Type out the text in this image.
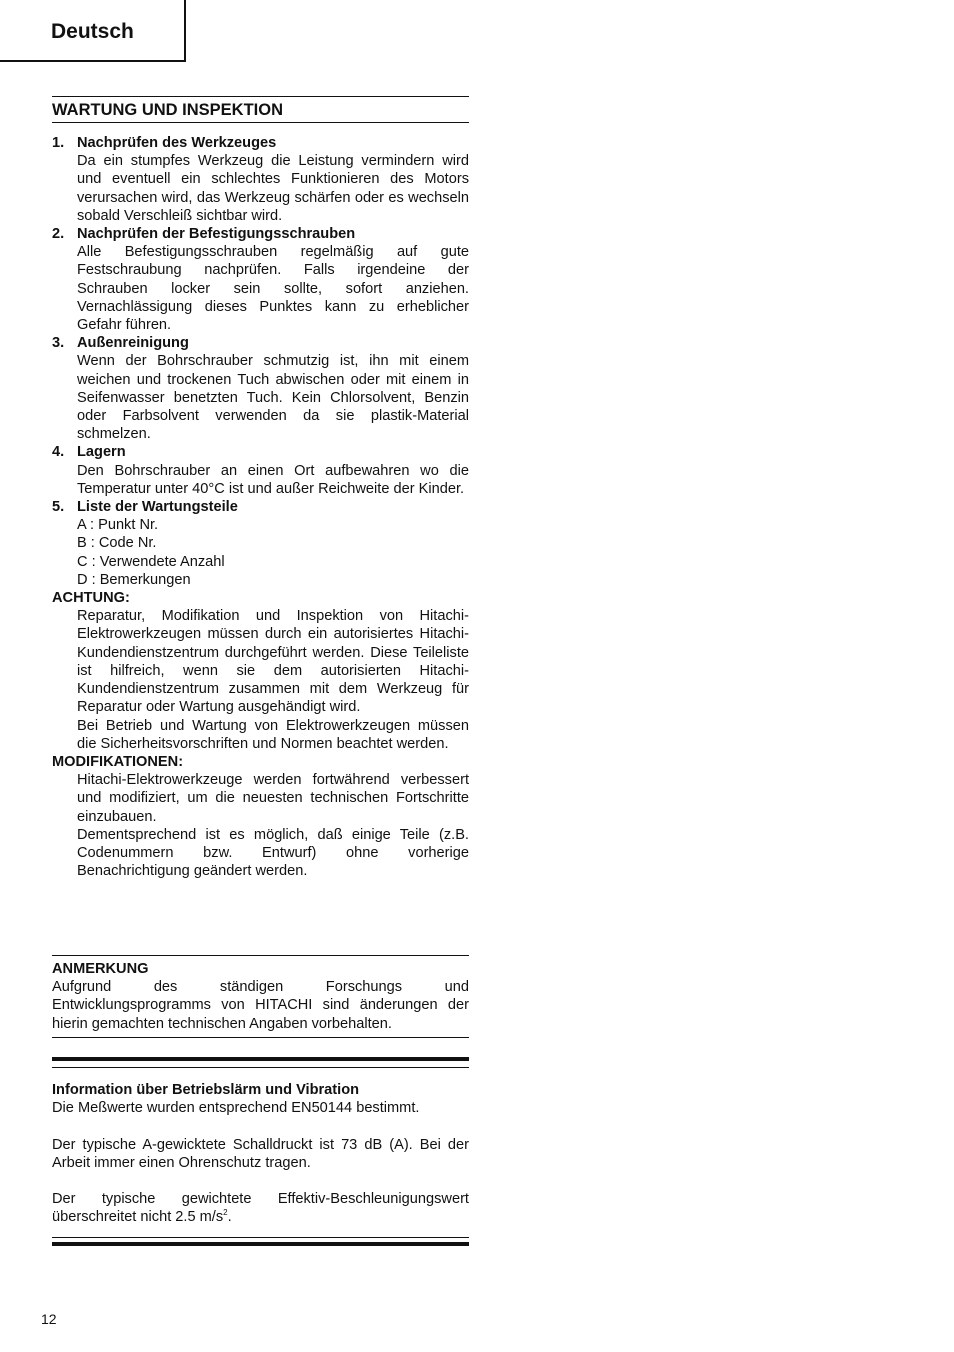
Deutsch
WARTUNG UND INSPEKTION
1. Nachprüfen des Werkzeuges

Da ein stumpfes Werkzeug die Leistung vermindern wird und eventuell ein schlechtes Funktionieren des Motors verursachen wird, das Werkzeug schärfen oder es wechseln sobald Verschleiß sichtbar wird.

2. Nachprüfen der Befestigungsschrauben

Alle Befestigungsschrauben regelmäßig auf gute Festschraubung nachprüfen. Falls irgendeine der Schrauben locker sein sollte, sofort anziehen. Vernachlässigung dieses Punktes kann zu erheblicher Gefahr führen.

3. Außenreinigung

Wenn der Bohrschrauber schmutzig ist, ihn mit einem weichen und trockenen Tuch abwischen oder mit einem in Seifenwasser benetzten Tuch. Kein Chlorsolvent, Benzin oder Farbsolvent verwenden da sie plastik-Material schmelzen.

4. Lagern

Den Bohrschrauber an einen Ort aufbewahren wo die Temperatur unter 40°C ist und außer Reichweite der Kinder.

5. Liste der Wartungsteile
A : Punkt Nr.
B : Code Nr.
C : Verwendete Anzahl
D : Bemerkungen
ACHTUNG:

Reparatur, Modifikation und Inspektion von Hitachi-Elektrowerkzeugen müssen durch ein autorisiertes Hitachi-Kundendienstzentrum durchgeführt werden. Diese Teileliste ist hilfreich, wenn sie dem autorisierten Hitachi-Kundendienstzentrum zusammen mit dem Werkzeug für Reparatur oder Wartung ausgehändigt wird.

Bei Betrieb und Wartung von Elektrowerkzeugen müssen die Sicherheitsvorschriften und Normen beachtet werden.

MODIFIKATIONEN:

Hitachi-Elektrowerkzeuge werden fortwährend verbessert und modifiziert, um die neuesten technischen Fortschritte einzubauen.

Dementsprechend ist es möglich, daß einige Teile (z.B. Codenummern bzw. Entwurf) ohne vorherige Benachrichtigung geändert werden.

ANMERKUNG

Aufgrund des ständigen Forschungs und Entwicklungsprogramms von HITACHI sind änderungen der hierin gemachten technischen Angaben vorbehalten.

Information über Betriebslärm und Vibration

Die Meßwerte wurden entsprechend EN50144 bestimmt.

Der typische A-gewicktete Schalldruckt ist 73 dB (A). Bei der Arbeit immer einen Ohrenschutz tragen.

Der typische gewichtete Effektiv-Beschleunigungswert überschreitet nicht 2.5 $m/s^2$.

12
